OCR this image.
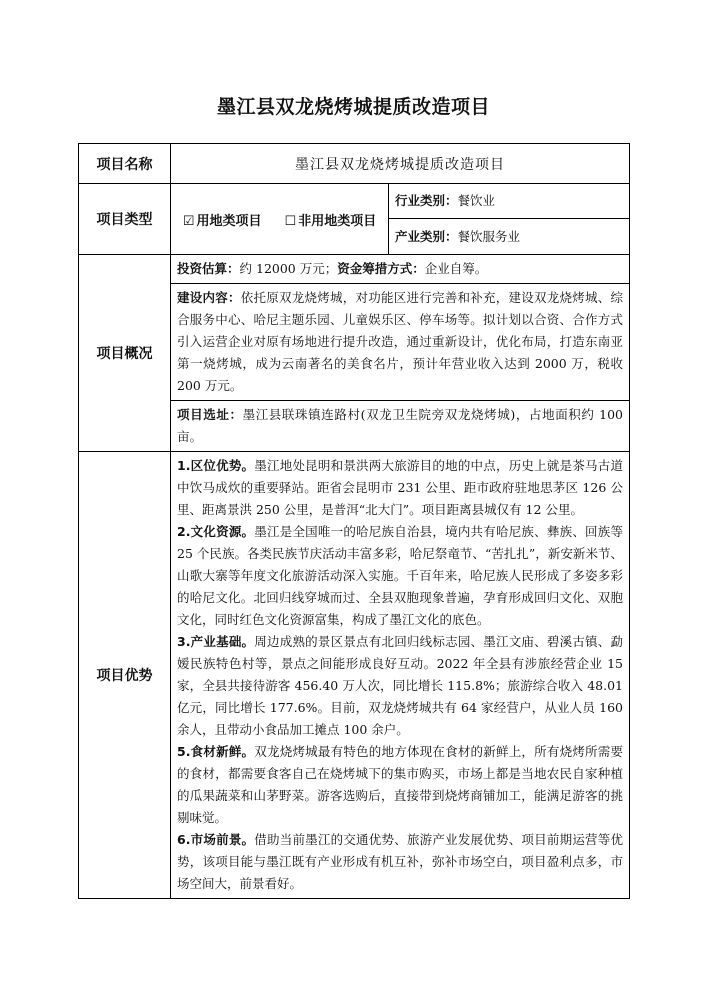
墨江县双龙烧烤城提质改造项目
项目名称	墨江县双龙烧烤城提质改造项目	
项目类型	☑ 用地类项目 ☐ 非用地类项目	行业类别：餐饮业
		产业类别：餐饮服务业
项目概况	投资估算：约 12000 万元；资金筹措方式：企业自筹。	
	建设内容：依托原双龙烧烤城，对功能区进行完善和补充，建设双龙烧烤城、综合服务中心、哈尼主题乐园、儿童娱乐区、停车场等。拟计划以合资、合作方式引入运营企业对原有场地进行提升改造，通过重新设计，优化布局，打造东南亚第一烧烤城，成为云南著名的美食名片，预计年营业收入达到 2000 万，税收 200 万元。	
	项目选址：墨江县联珠镇连路村(双龙卫生院旁双龙烧烤城)，占地面积约 100 亩。	
项目优势	1.区位优势。墨江地处昆明和景洪两大旅游目的地的中点，历史上就是茶马古道中饮马成炊的重要驿站。距省会昆明市 231 公里、距市政府驻地思茅区 126 公里、距离景洪 250 公里，是普洱“北大门”。项目距离县城仅有 12 公里。

2.文化资源。墨江是全国唯一的哈尼族自治县，境内共有哈尼族、彝族、回族等 25 个民族。各类民族节庆活动丰富多彩，哈尼祭竜节、“苦扎扎”，新安新米节、山歌大寨等年度文化旅游活动深入实施。千百年来，哈尼族人民形成了多姿多彩的哈尼文化。北回归线穿城而过、全县双胞现象普遍，孕育形成回归文化、双胞文化，同时红色文化资源富集，构成了墨江文化的底色。

3.产业基础。周边成熟的景区景点有北回归线标志园、墨江文庙、碧溪古镇、勐嫒民族特色村等，景点之间能形成良好互动。2022 年全县有涉旅经营企业 15 家，全县共接待游客 456.40 万人次，同比增长 115.8%；旅游综合收入 48.01 亿元，同比增长 177.6%。目前，双龙烧烤城共有 64 家经营户，从业人员 160 余人，且带动小食品加工摊点 100 余户。

5.食材新鲜。双龙烧烤城最有特色的地方体现在食材的新鲜上，所有烧烤所需要的食材，都需要食客自己在烧烤城下的集市购买，市场上都是当地农民自家种植的瓜果蔬菜和山茅野菜。游客选购后，直接带到烧烤商铺加工，能满足游客的挑剔味觉。

6.市场前景。借助当前墨江的交通优势、旅游产业发展优势、项目前期运营等优势，该项目能与墨江既有产业形成有机互补，弥补市场空白，项目盈利点多，市场空间大，前景看好。	
